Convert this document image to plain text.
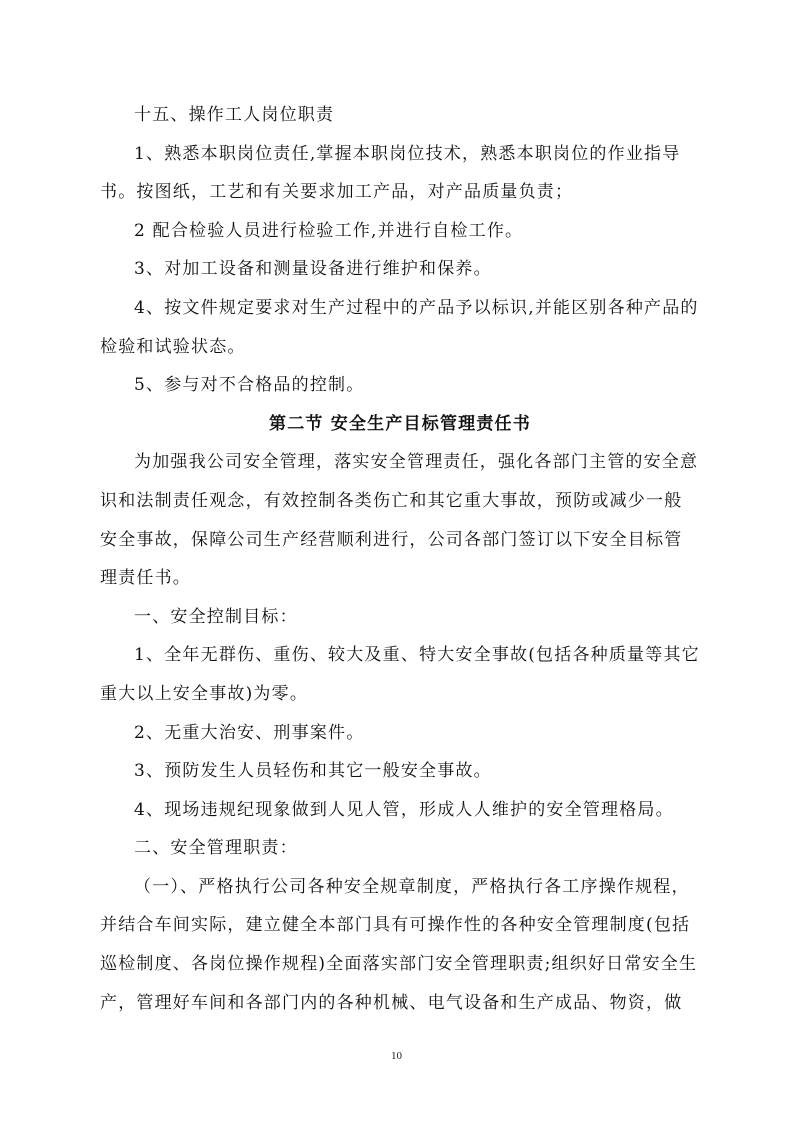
十五、操作工人岗位职责

1、熟悉本职岗位责任,掌握本职岗位技术，熟悉本职岗位的作业指导书。按图纸，工艺和有关要求加工产品，对产品质量负责；

2 配合检验人员进行检验工作,并进行自检工作。

3、对加工设备和测量设备进行维护和保养。

4、按文件规定要求对生产过程中的产品予以标识,并能区别各种产品的检验和试验状态。

5、参与对不合格品的控制。

第二节 安全生产目标管理责任书

为加强我公司安全管理，落实安全管理责任，强化各部门主管的安全意识和法制责任观念，有效控制各类伤亡和其它重大事故，预防或减少一般安全事故，保障公司生产经营顺利进行，公司各部门签订以下安全目标管理责任书。

一、安全控制目标：

1、全年无群伤、重伤、较大及重、特大安全事故(包括各种质量等其它重大以上安全事故)为零。

2、无重大治安、刑事案件。

3、预防发生人员轻伤和其它一般安全事故。

4、现场违规纪现象做到人见人管，形成人人维护的安全管理格局。

二、安全管理职责：

（一）、严格执行公司各种安全规章制度，严格执行各工序操作规程，并结合车间实际，建立健全本部门具有可操作性的各种安全管理制度(包括巡检制度、各岗位操作规程)全面落实部门安全管理职责;组织好日常安全生产，管理好车间和各部门内的各种机械、电气设备和生产成品、物资，做

10
